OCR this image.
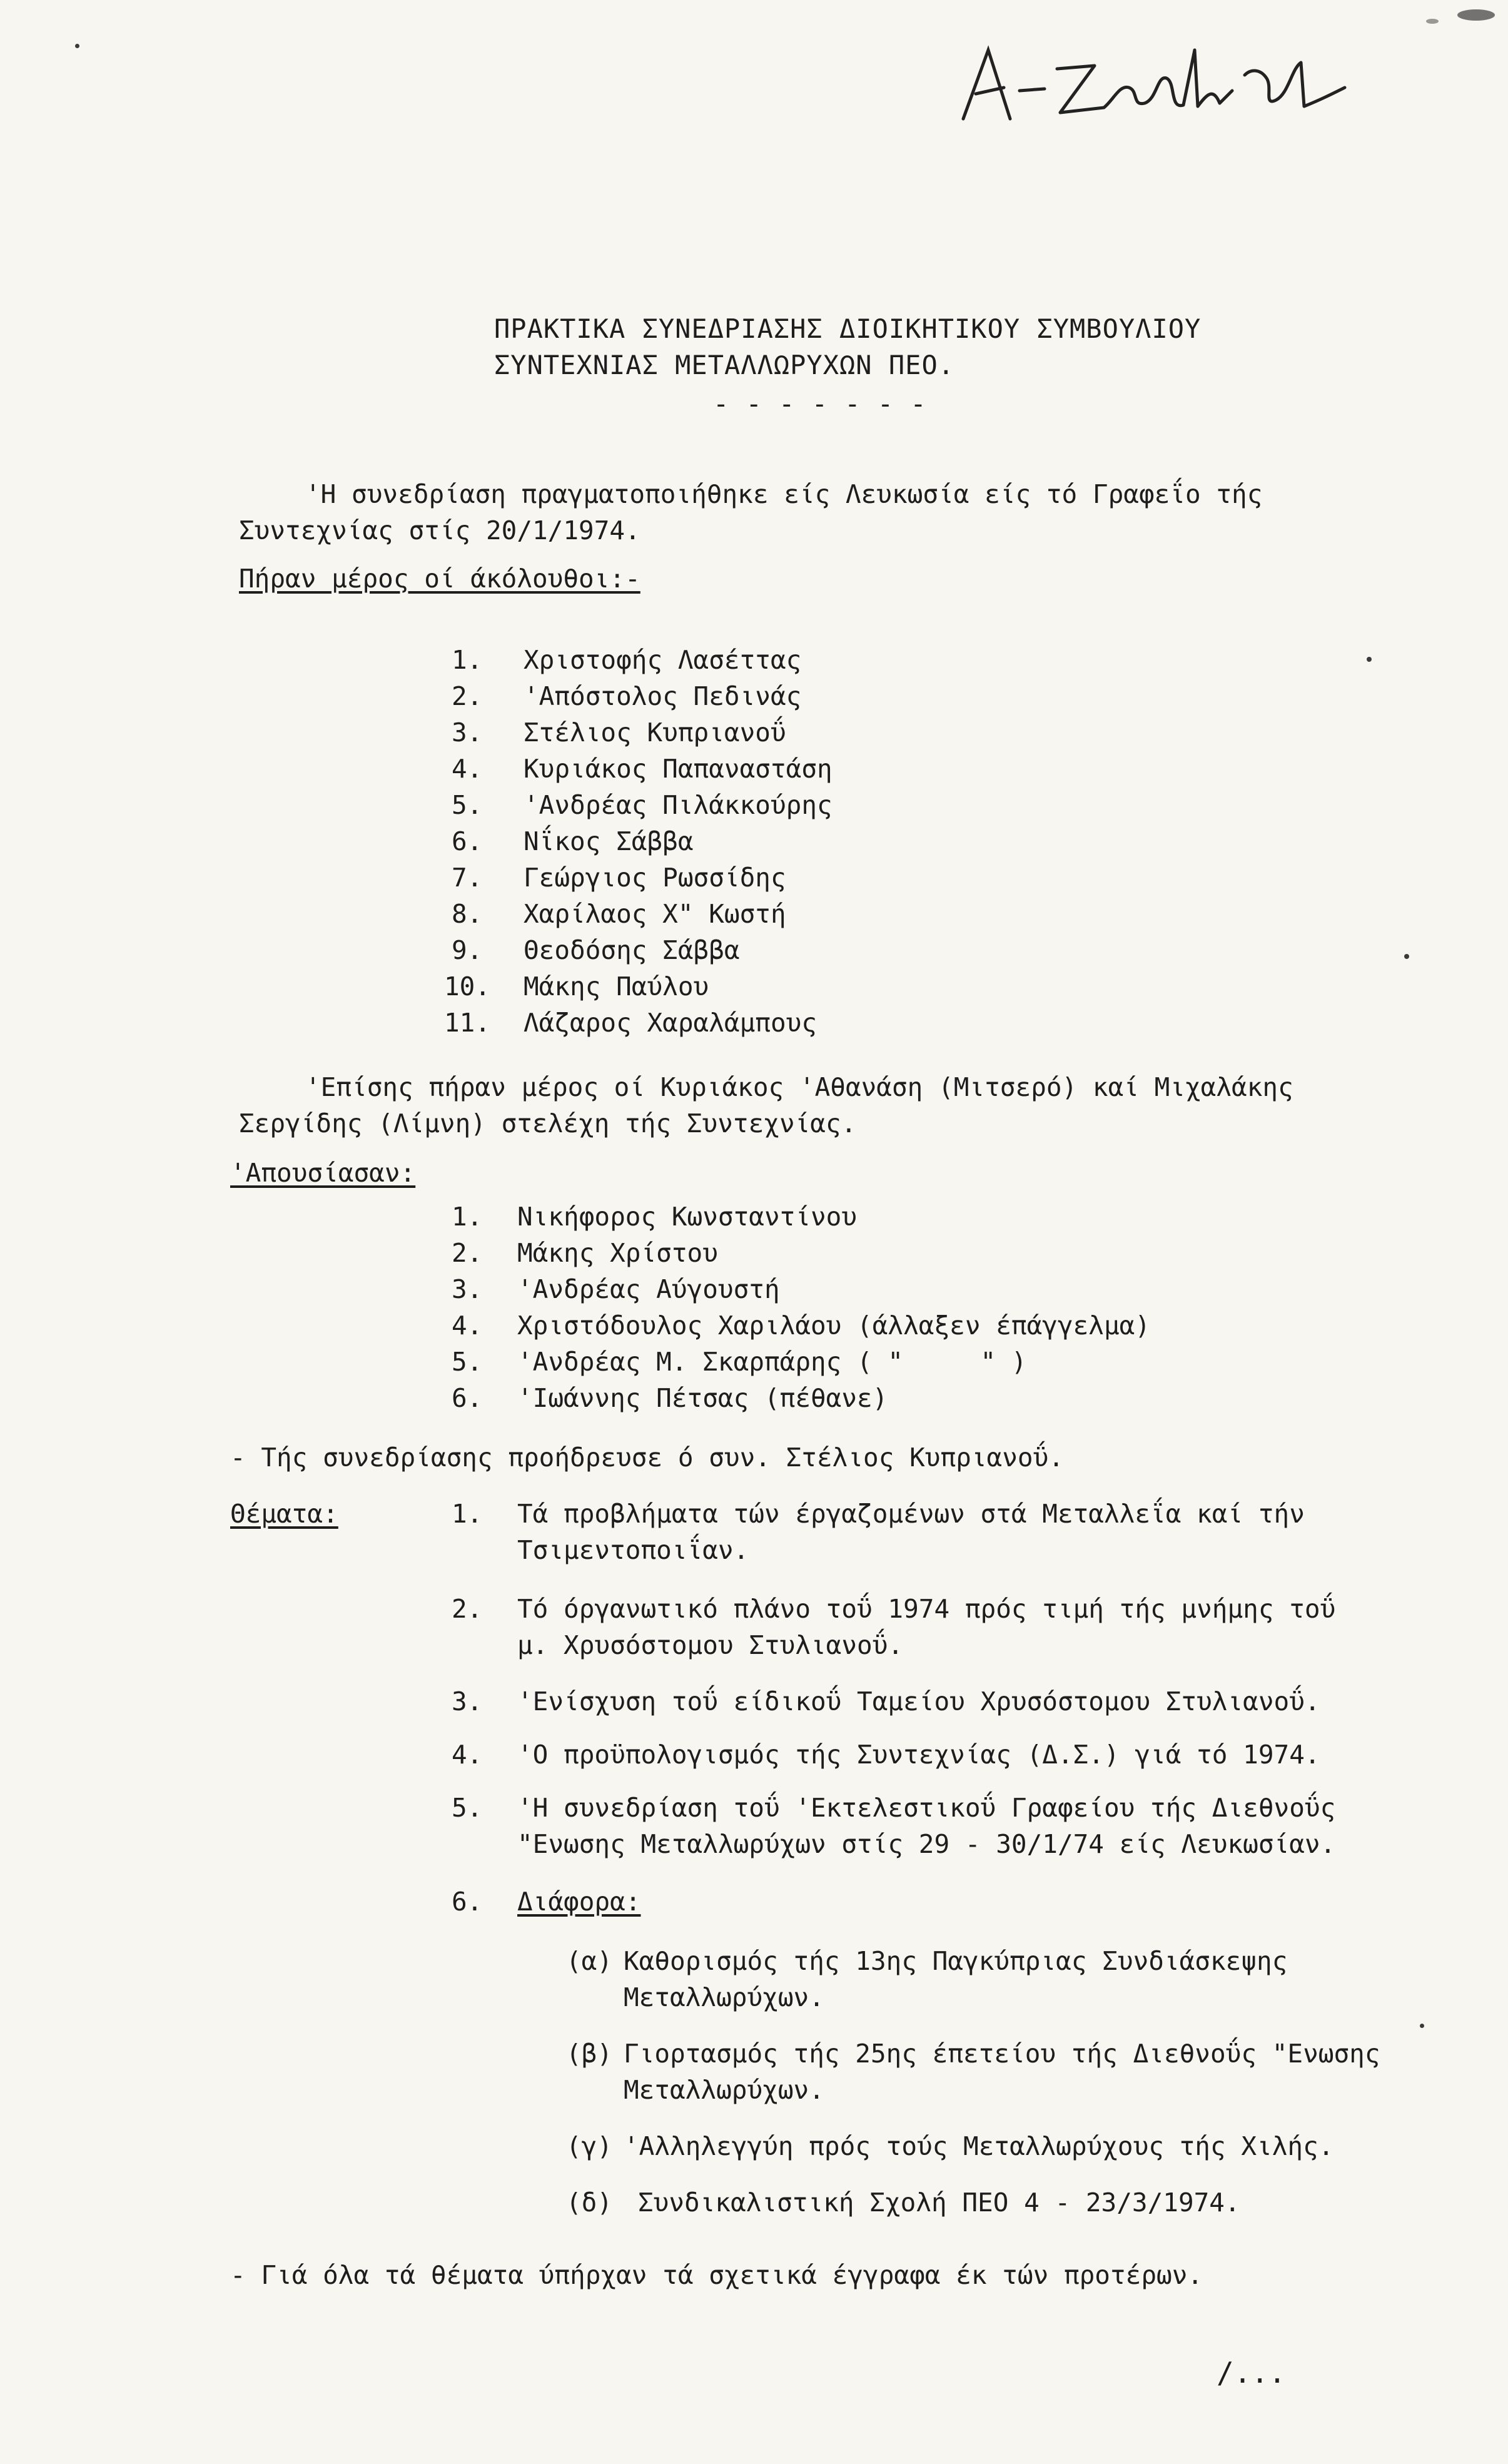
ΠΡΑΚΤΙΚΑ ΣΥΝΕΔΡΙΑΣΗΣ ΔΙΟΙΚΗΤΙΚΟΥ ΣΥΜΒΟΥΛΙΟΥ
ΣΥΝΤΕΧΝΙΑΣ ΜΕΤΑΛΛΩΡΥΧΩΝ ΠΕΟ.
- - - - - - -
'Η συνεδρίαση πραγματοποιήθηκε είς Λευκωσία είς τό Γραφεΐο τής
Συντεχνίας στίς 20/1/1974.
Πήραν μέρος οί άκόλουθοι:-
1. Χριστοφής Λασέττας
2. 'Απόστολος Πεδινάς
3. Στέλιος Κυπριανοΰ
4. Κυριάκος Παπαναστάση
5. 'Ανδρέας Πιλάκκούρης
6. Νΐκος Σάββα
7. Γεώργιος Ρωσσίδης
8. Χαρίλαος Χ" Κωστή
9. Θεοδόσης Σάββα
10. Μάκης Παύλου
11. Λάζαρος Χαραλάμπους
'Επίσης πήραν μέρος οί Κυριάκος 'Αθανάση (Μιτσερό) καί Μιχαλάκης
Σεργίδης (Λίμνη) στελέχη τής Συντεχνίας.
'Απουσίασαν:
1. Νικήφορος Κωνσταντίνου
2. Μάκης Χρίστου
3. 'Ανδρέας Αύγουστή
4. Χριστόδουλος Χαριλάου (άλλαξεν έπάγγελμα)
5. 'Ανδρέας Μ. Σκαρπάρης ( "     " )
6. 'Ιωάννης Πέτσας (πέθανε)
- Τής συνεδρίασης προήδρευσε ό συν. Στέλιος Κυπριανοΰ.
Θέματα:	1. Τά προβλήματα τών έργαζομένων στά Μεταλλεΐα καί τήν
Τσιμεντοποιΐαν.
2. Τό όργανωτικό πλάνο τοΰ 1974 πρός τιμή τής μνήμης τοΰ
μ. Χρυσόστομου Στυλιανοΰ.
3. 'Ενίσχυση τοΰ είδικοΰ Ταμείου Χρυσόστομου Στυλιανοΰ.
4. 'Ο προϋπολογισμός τής Συντεχνίας (Δ.Σ.) γιά τό 1974.
5. 'Η συνεδρίαση τοΰ 'Εκτελεστικοΰ Γραφείου τής Διεθνοΰς
"Ενωσης Μεταλλωρύχων στίς 29 - 30/1/74 είς Λευκωσίαν.
6. Διάφορα:
(α) Καθορισμός τής 13ης Παγκύπριας Συνδιάσκεψης
Μεταλλωρύχων.
(β) Γιορτασμός τής 25ης έπετείου τής Διεθνοΰς "Ενωσης
Μεταλλωρύχων.
(γ) 'Αλληλεγγύη πρός τούς Μεταλλωρύχους τής Χιλής.
(δ) Συνδικαλιστική Σχολή ΠΕΟ 4 - 23/3/1974.
- Γιά όλα τά θέματα ύπήρχαν τά σχετικά έγγραφα έκ τών προτέρων.
/...
